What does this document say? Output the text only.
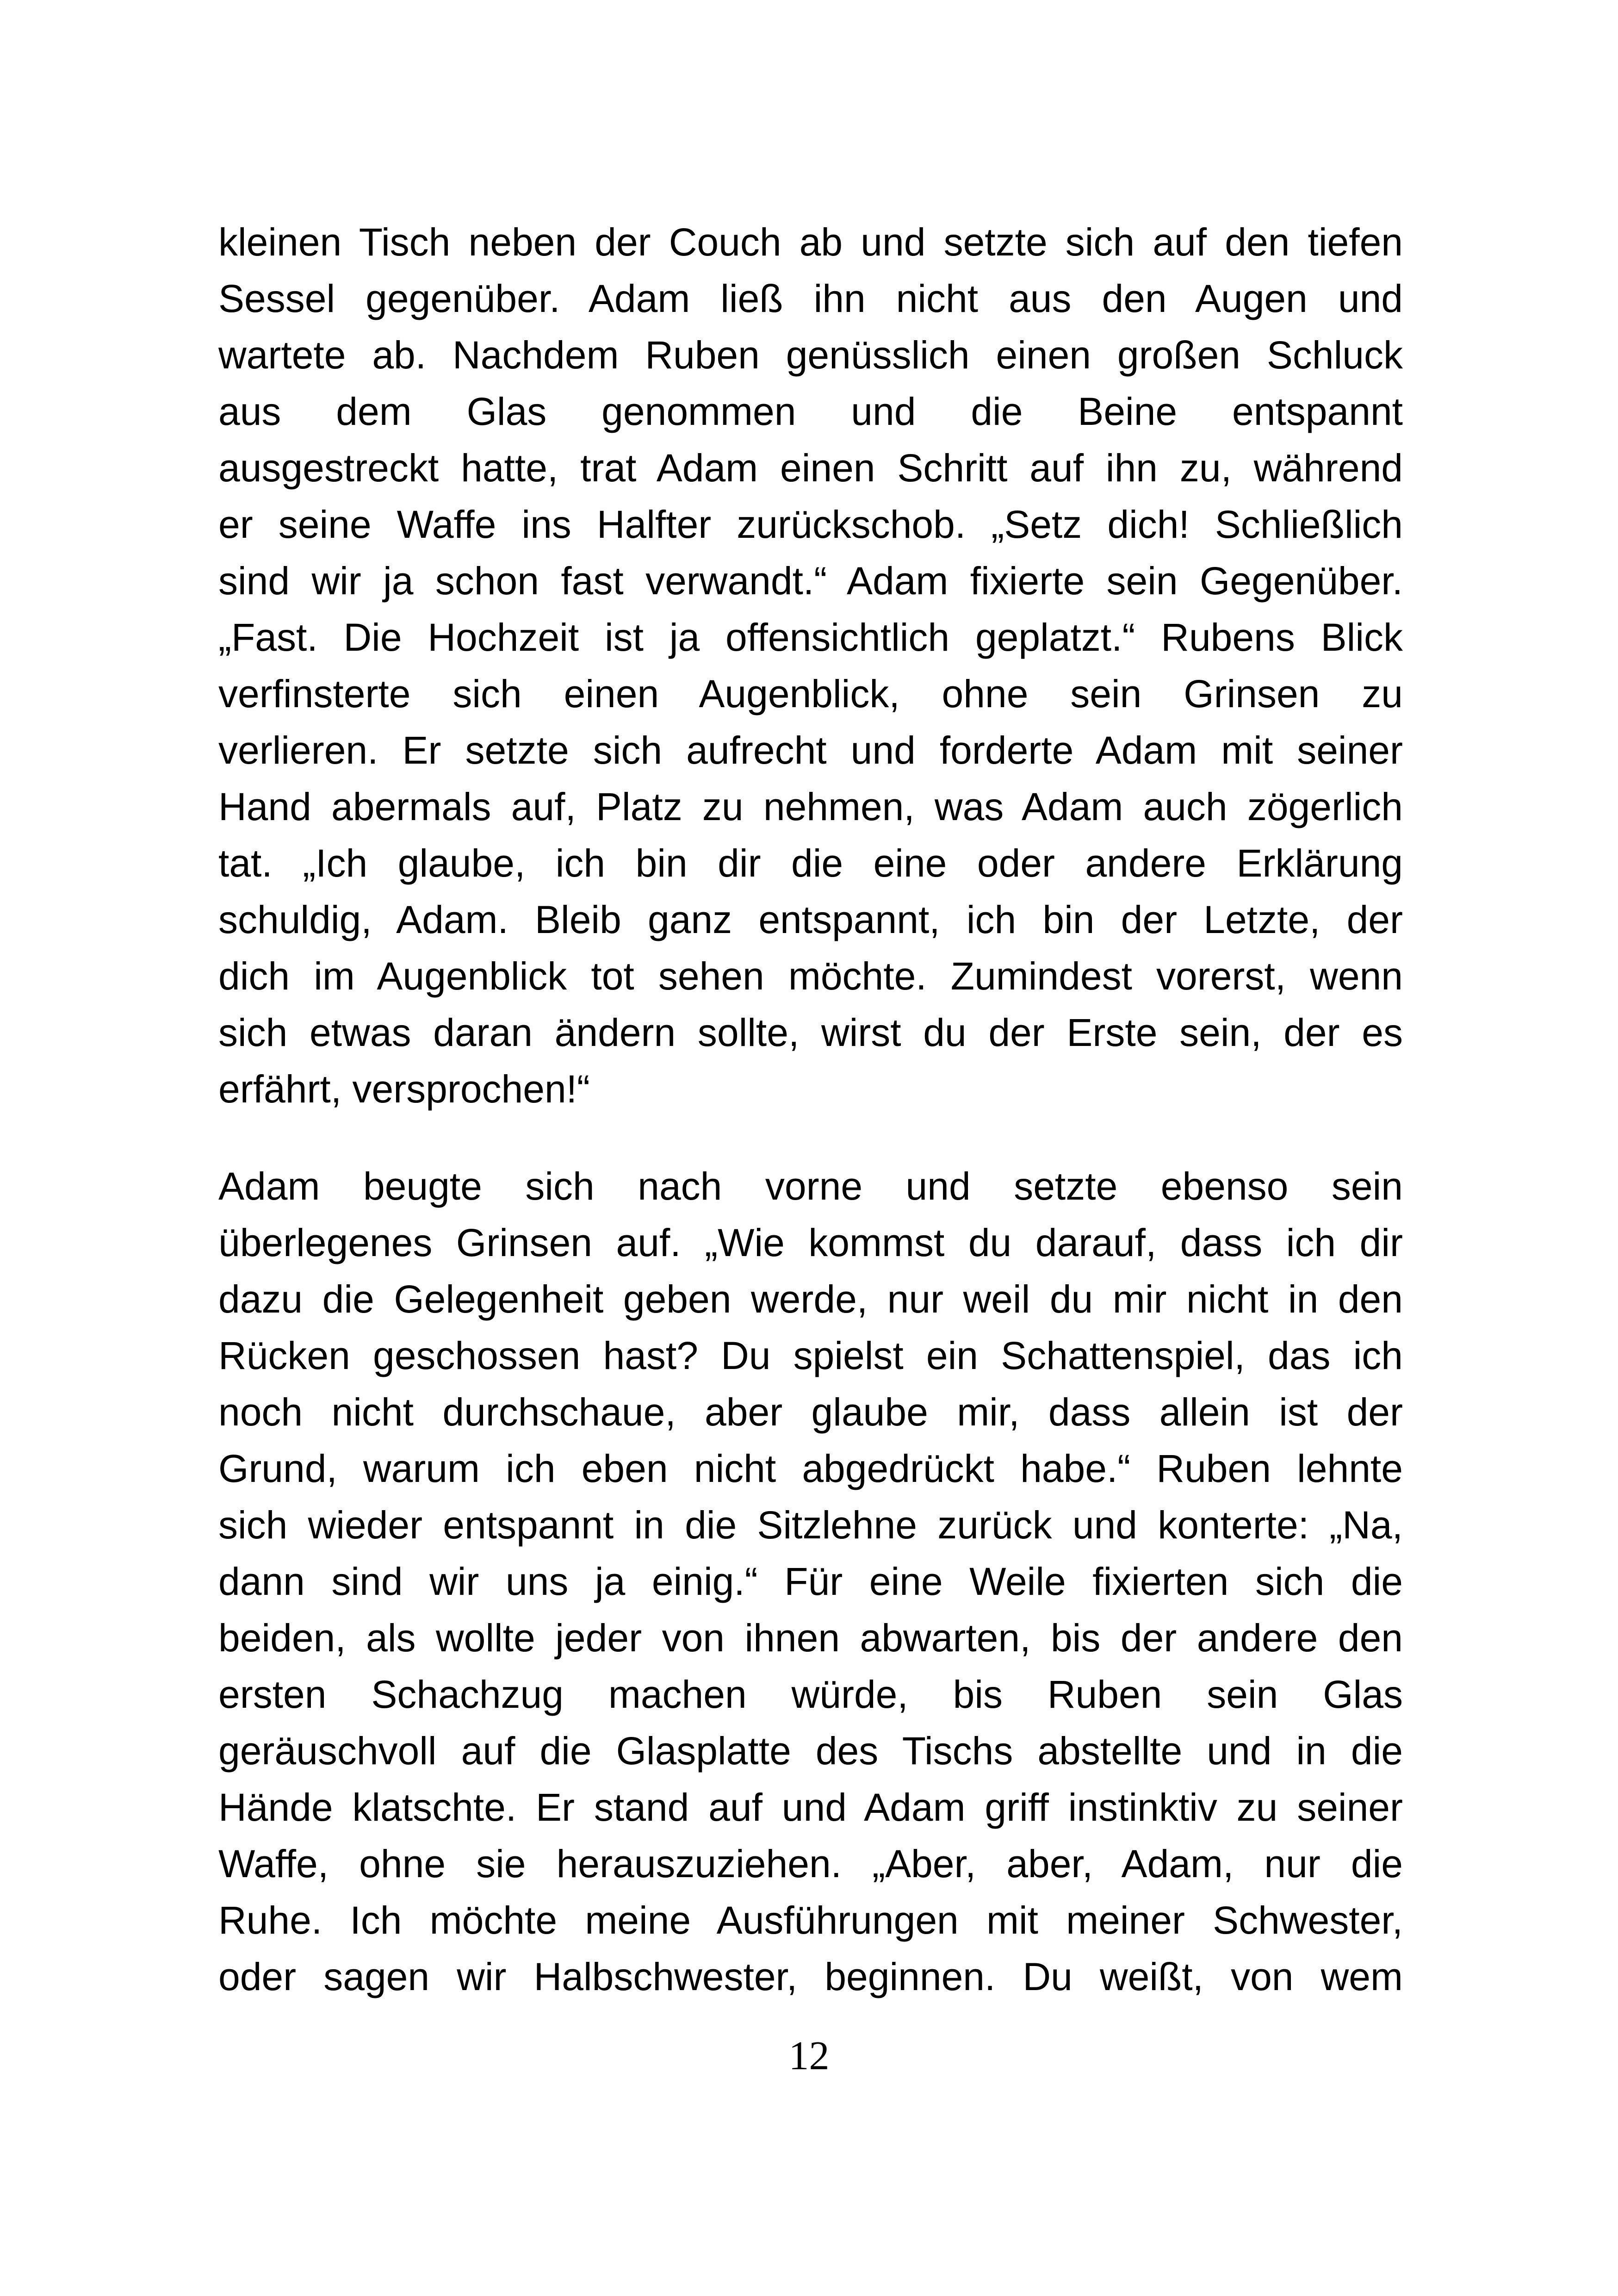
kleinen Tisch neben der Couch ab und setzte sich auf den tiefen
Sessel gegenüber. Adam ließ ihn nicht aus den Augen und
wartete ab. Nachdem Ruben genüsslich einen großen Schluck
aus dem Glas genommen und die Beine entspannt
ausgestreckt hatte, trat Adam einen Schritt auf ihn zu, während
er seine Waffe ins Halfter zurückschob. „Setz dich! Schließlich
sind wir ja schon fast verwandt.“ Adam fixierte sein Gegenüber.
„Fast. Die Hochzeit ist ja offensichtlich geplatzt.“ Rubens Blick
verfinsterte sich einen Augenblick, ohne sein Grinsen zu
verlieren. Er setzte sich aufrecht und forderte Adam mit seiner
Hand abermals auf, Platz zu nehmen, was Adam auch zögerlich
tat. „Ich glaube, ich bin dir die eine oder andere Erklärung
schuldig, Adam. Bleib ganz entspannt, ich bin der Letzte, der
dich im Augenblick tot sehen möchte. Zumindest vorerst, wenn
sich etwas daran ändern sollte, wirst du der Erste sein, der es
erfährt, versprochen!“
Adam beugte sich nach vorne und setzte ebenso sein
überlegenes Grinsen auf. „Wie kommst du darauf, dass ich dir
dazu die Gelegenheit geben werde, nur weil du mir nicht in den
Rücken geschossen hast? Du spielst ein Schattenspiel, das ich
noch nicht durchschaue, aber glaube mir, dass allein ist der
Grund, warum ich eben nicht abgedrückt habe.“ Ruben lehnte
sich wieder entspannt in die Sitzlehne zurück und konterte: „Na,
dann sind wir uns ja einig.“ Für eine Weile fixierten sich die
beiden, als wollte jeder von ihnen abwarten, bis der andere den
ersten Schachzug machen würde, bis Ruben sein Glas
geräuschvoll auf die Glasplatte des Tischs abstellte und in die
Hände klatschte. Er stand auf und Adam griff instinktiv zu seiner
Waffe, ohne sie herauszuziehen. „Aber, aber, Adam, nur die
Ruhe. Ich möchte meine Ausführungen mit meiner Schwester,
oder sagen wir Halbschwester, beginnen. Du weißt, von wem
12
